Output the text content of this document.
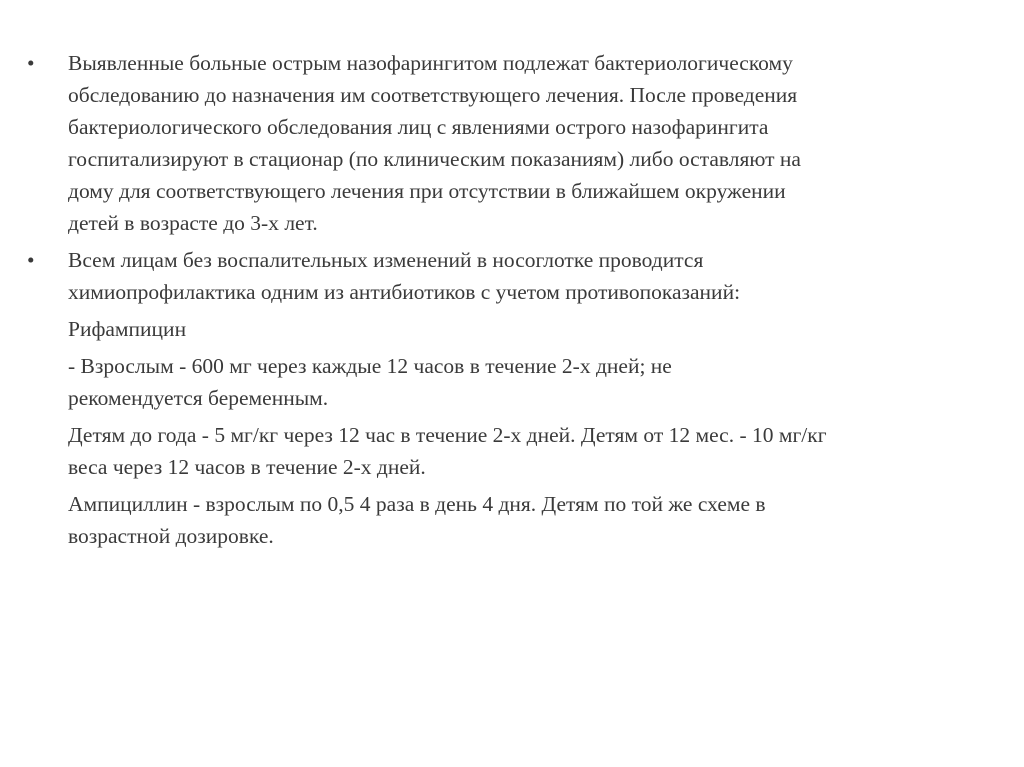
•	Выявленные больные острым назофарингитом подлежат бактериологическому
обследованию до назначения им соответствующего лечения. После проведения
бактериологического обследования лиц с явлениями острого назофарингита
госпитализируют в стационар (по клиническим показаниям) либо оставляют на
дому для соответствующего лечения при отсутствии в ближайшем окружении
детей в возрасте до 3-х лет.
•	Всем лицам без воспалительных изменений в носоглотке проводится
химиопрофилактика одним из антибиотиков с учетом противопоказаний:
Рифампицин
- Взрослым - 600 мг через каждые 12 часов в течение 2-х дней; не
рекомендуется беременным.
Детям до года - 5 мг/кг через 12 час в течение 2-х дней. Детям от 12 мес. - 10 мг/кг
веса через 12 часов в течение 2-х дней.
Ампициллин - взрослым по 0,5 4 раза в день 4 дня. Детям по той же схеме в
возрастной дозировке.
